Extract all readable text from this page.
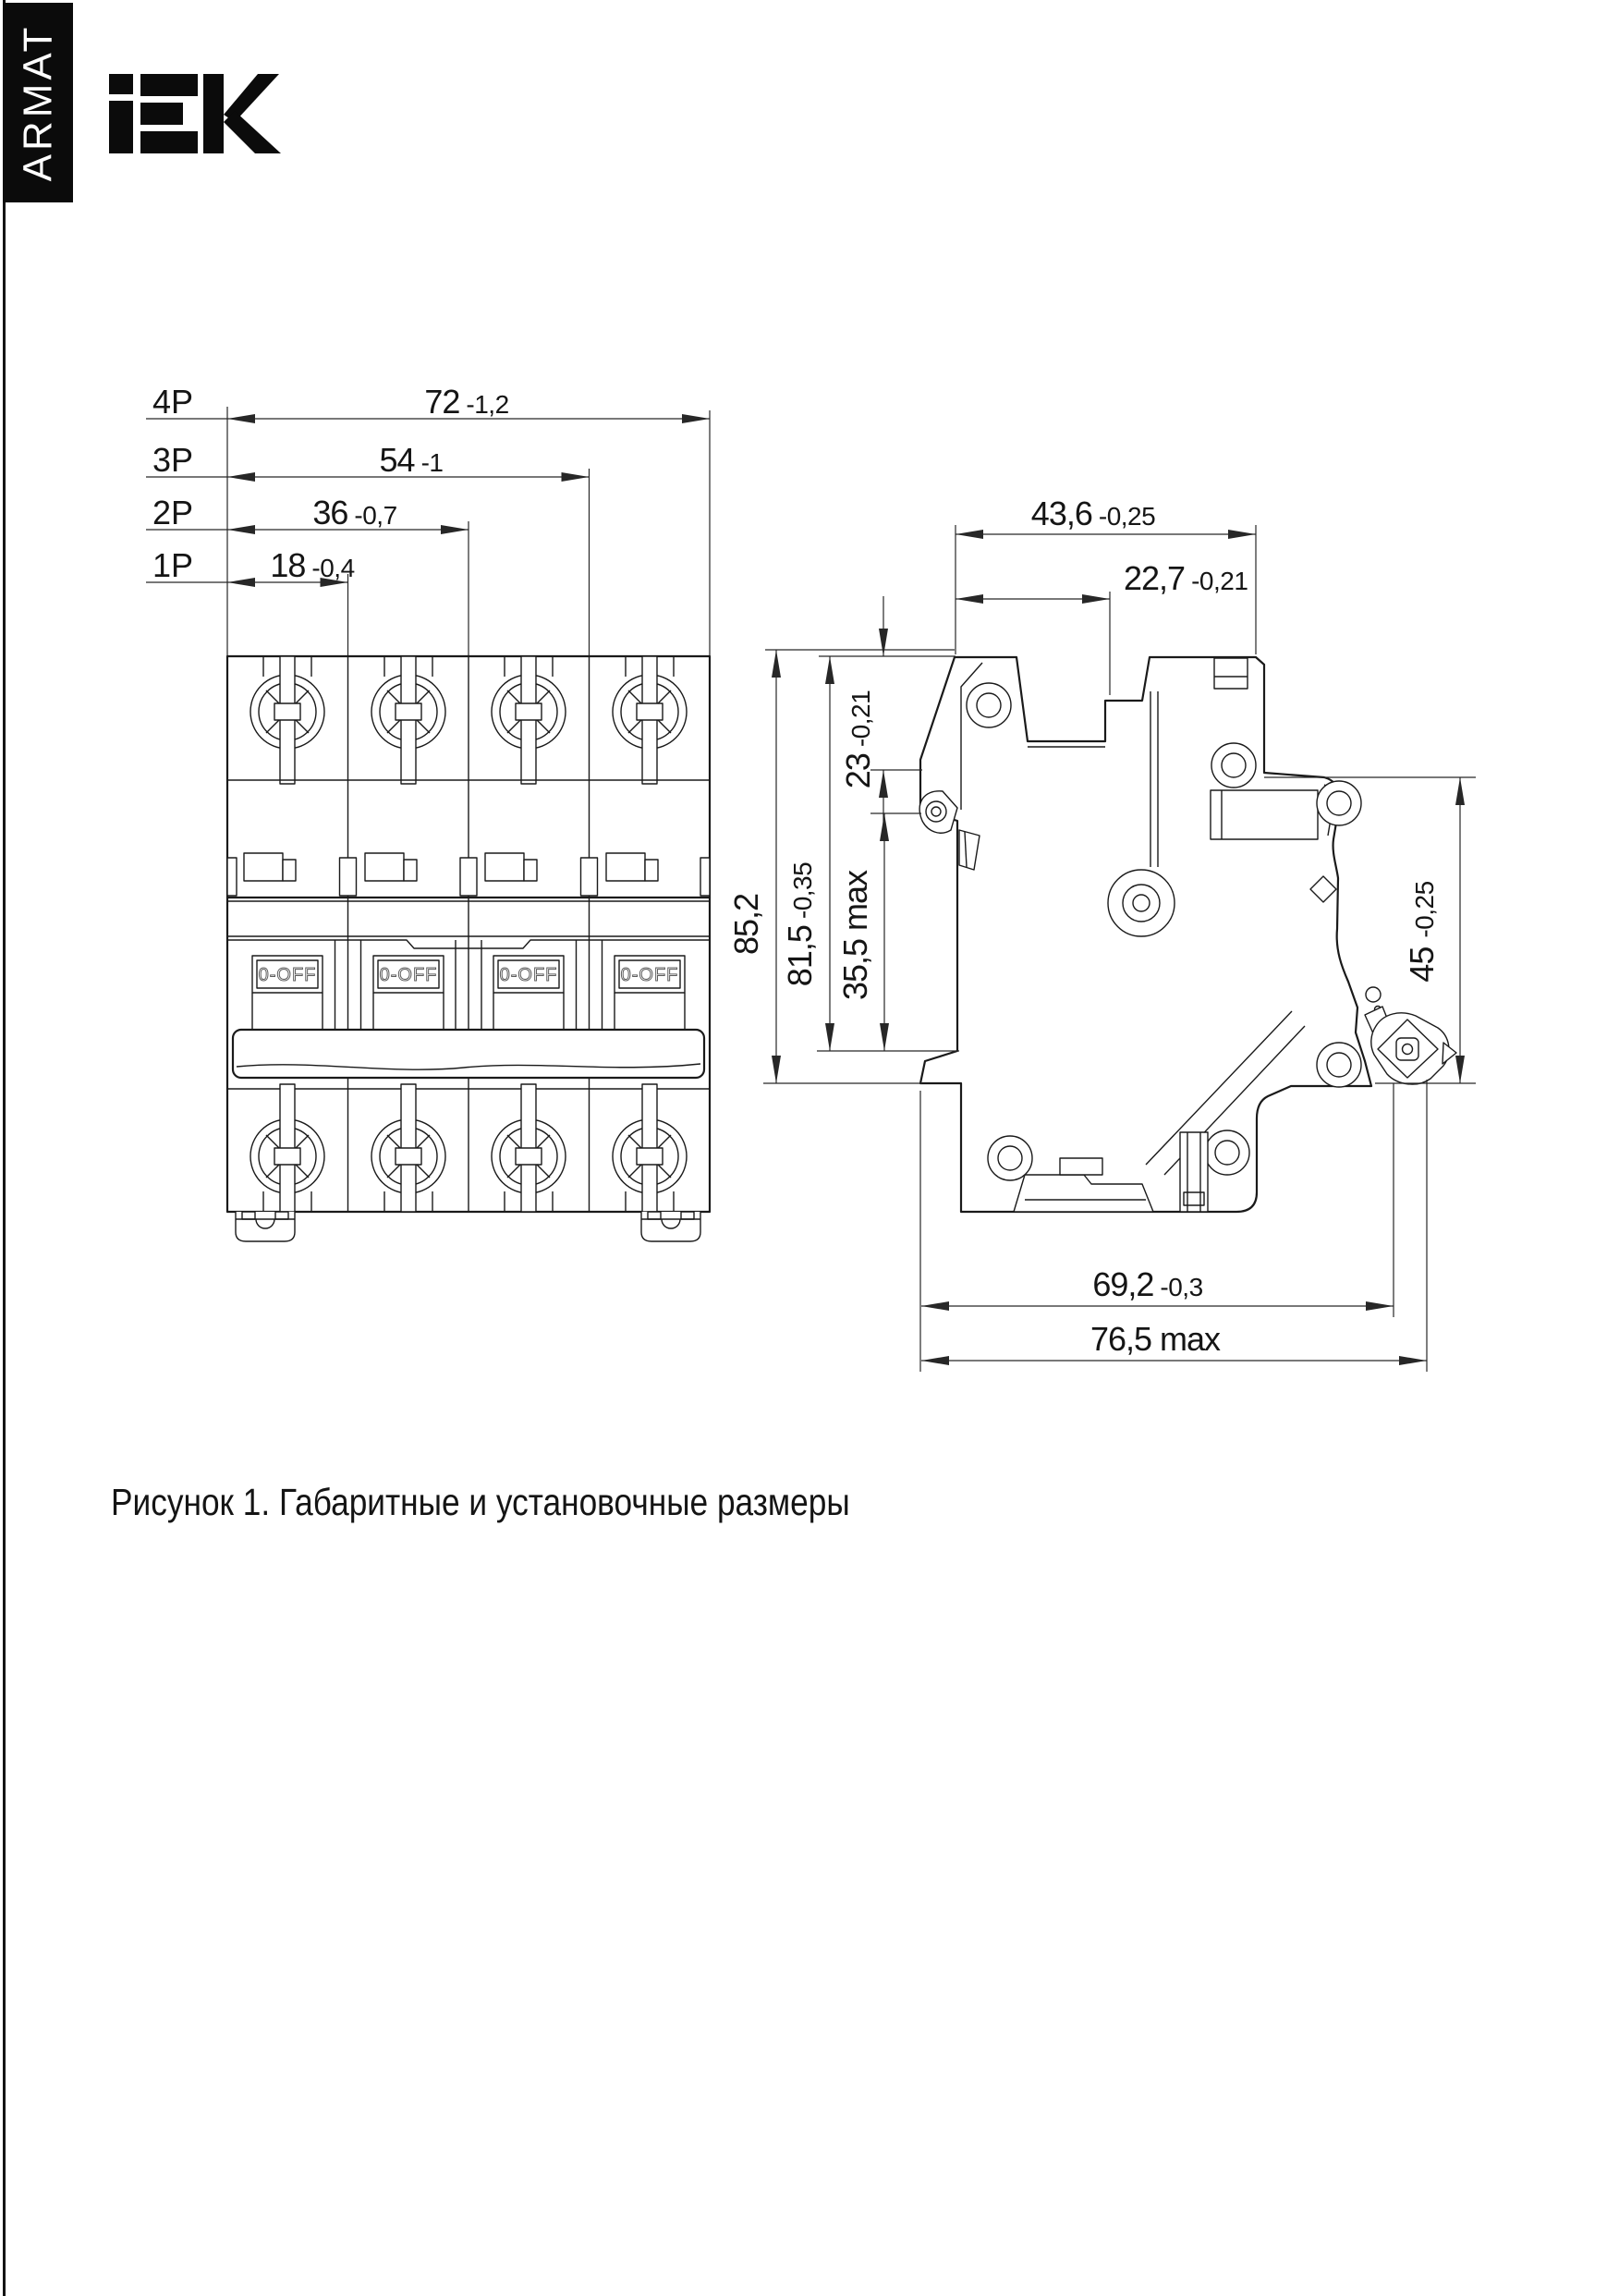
ARMAT
4P	72 -1,2
3P	54 -1
2P	36 -0,7
1P 18 -0,4
0-OFF	0-OFF	0-OFF	0-OFF
43,6 -0,25
22,7 -0,21
23-0,21
85,2
81,5-0,35 35,5 max	45-0,25
69,2 -0,3
76,5 max
Рисунок 1. Габаритные и установочные размеры
